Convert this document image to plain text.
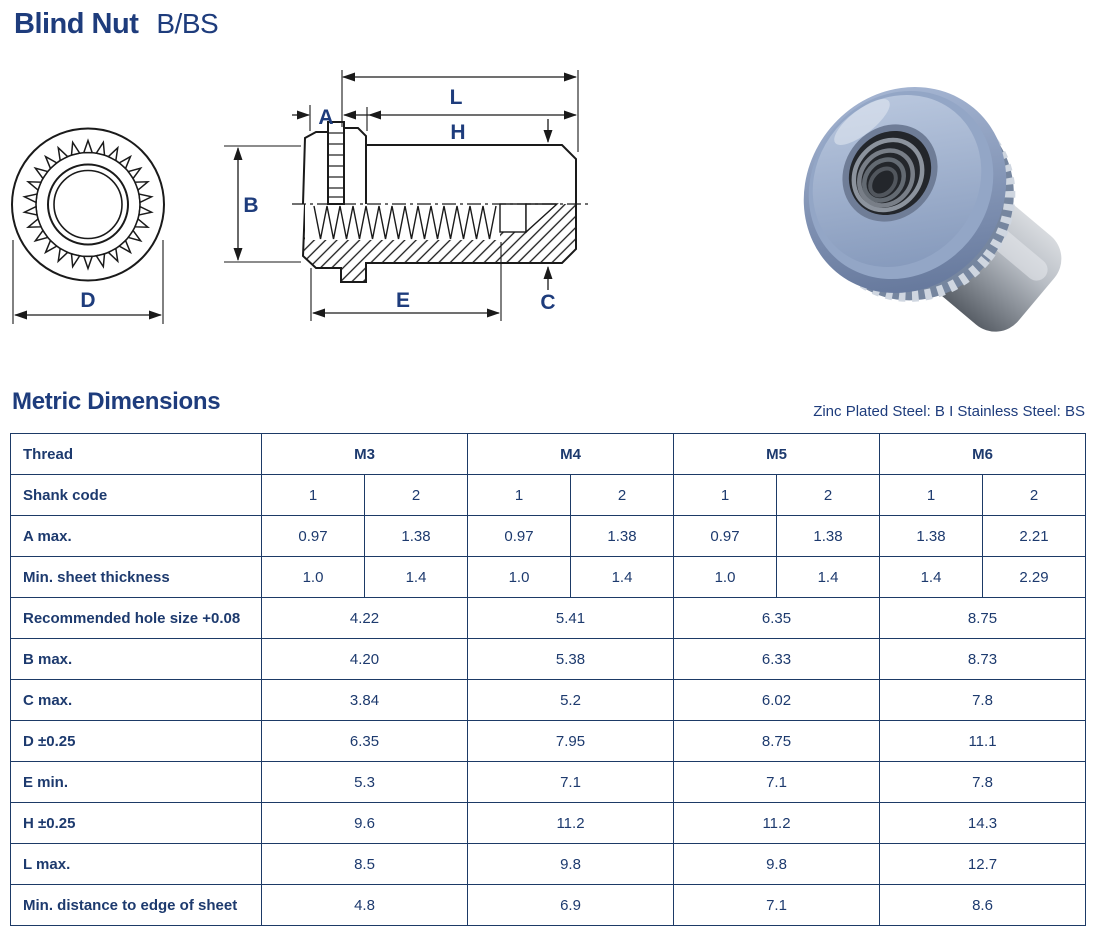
Blind Nut B/BS
D
L
H
A
B
E	C
Metric Dimensions	Zinc Plated Steel: B I Stainless Steel: BS
Thread	M3		M4		M5		M6	
Shank code	1	2	1	2	1	2	1	2
A max.	0.97	1.38	0.97	1.38	0.97	1.38	1.38	2.21
Min. sheet thickness	1.0	1.4	1.0	1.4	1.0	1.4	1.4	2.29
Recommended hole size +0.08	4.22		5.41		6.35		8.75	
B max.	4.20		5.38		6.33		8.73	
C max.	3.84		5.2		6.02		7.8	
D ±0.25	6.35		7.95		8.75		11.1	
E min.	5.3		7.1		7.1		7.8	
H ±0.25	9.6		11.2		11.2		14.3	
L max.	8.5		9.8		9.8		12.7	
Min. distance to edge of sheet	4.8		6.9		7.1		8.6	
